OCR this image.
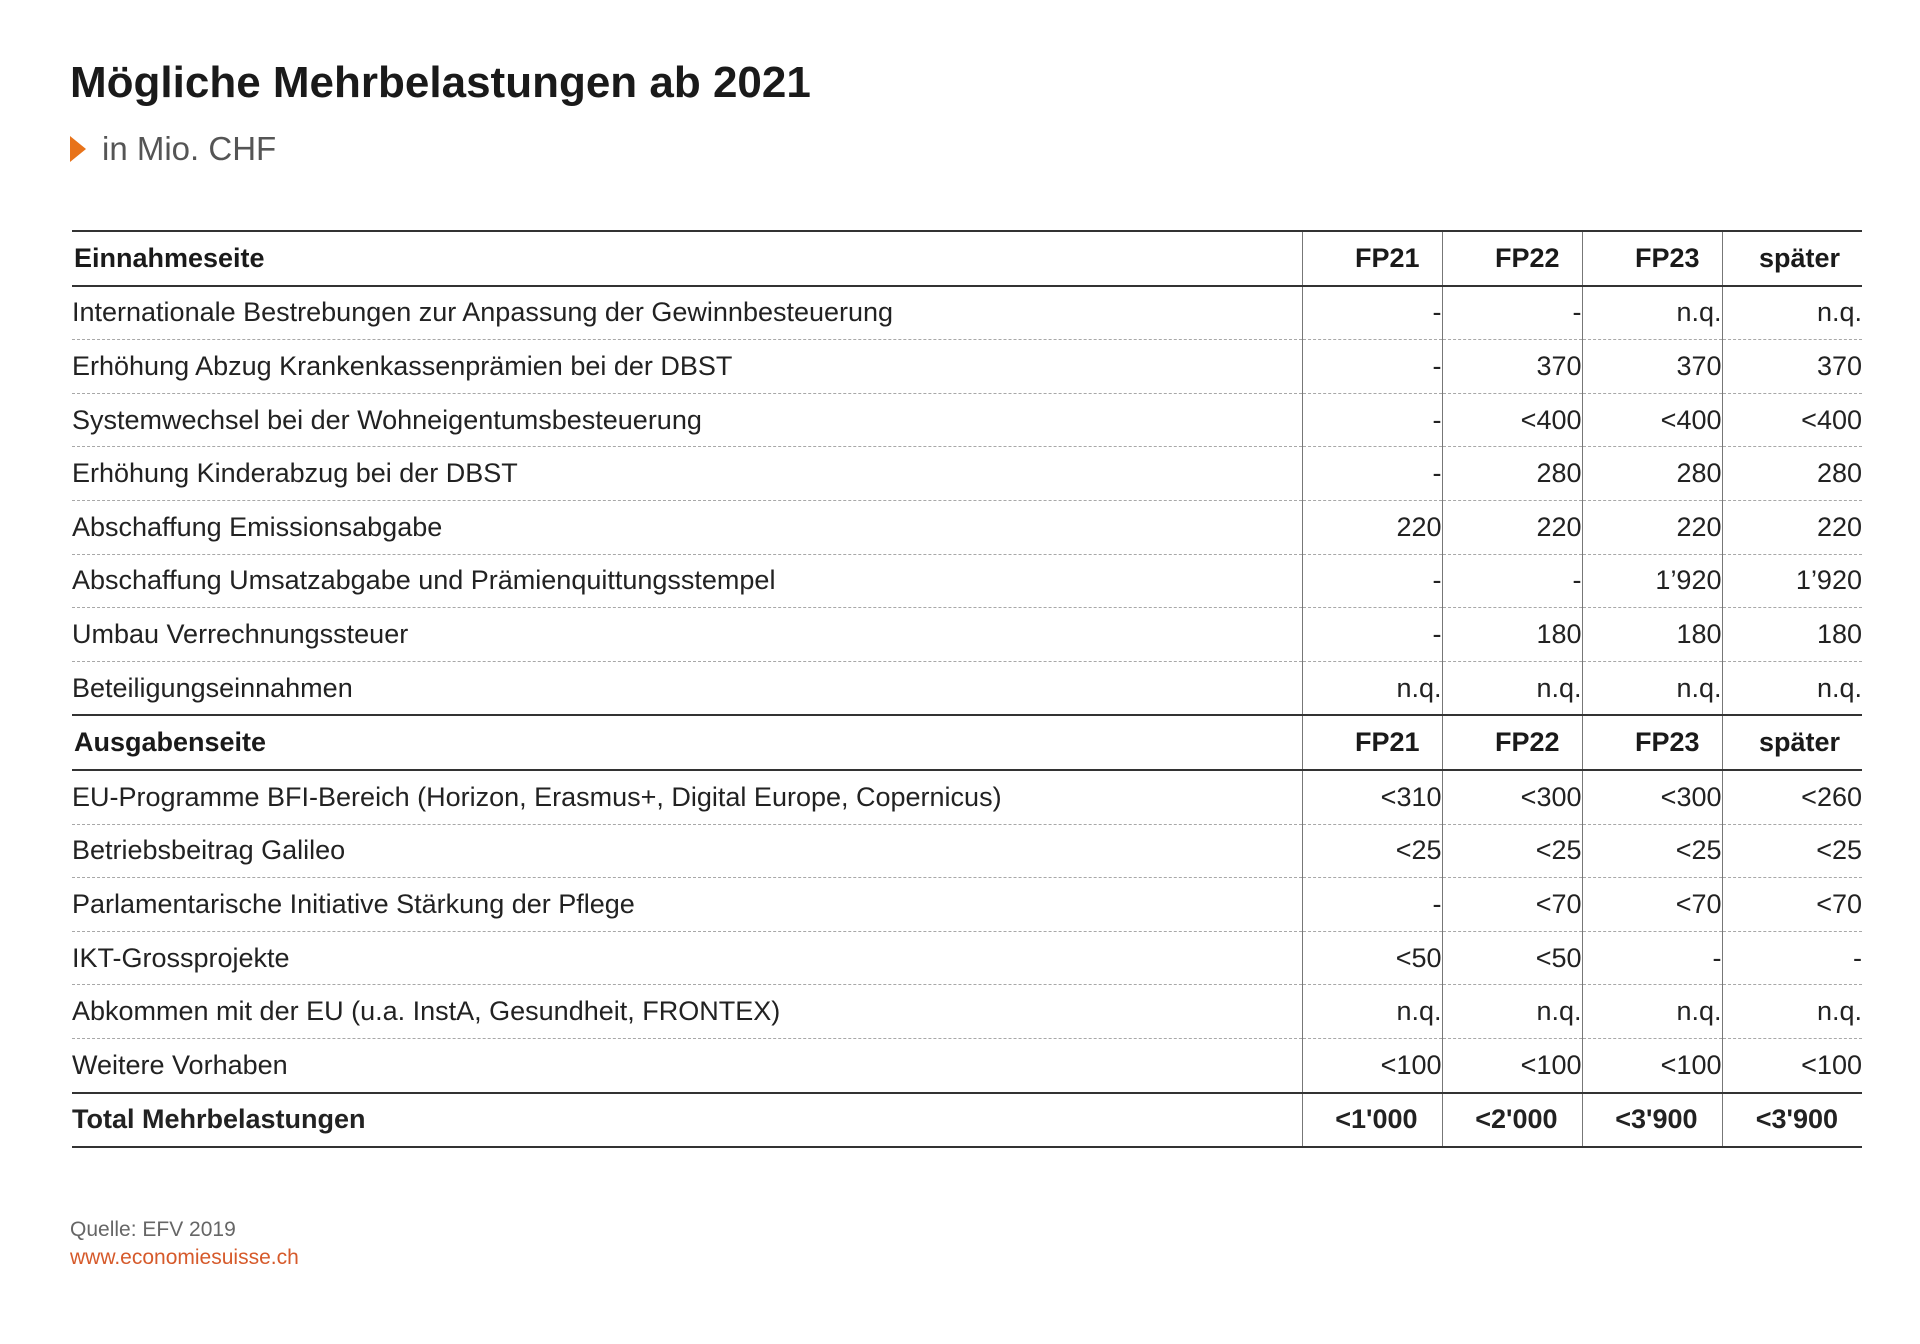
Mögliche Mehrbelastungen ab 2021
in Mio. CHF
Einnahmeseite	FP21	FP22	FP23	später
Internationale Bestrebungen zur Anpassung der Gewinnbesteuerung	-	-	n.q.	n.q.
Erhöhung Abzug Krankenkassenprämien bei der DBST	-	370	370	370
Systemwechsel bei der Wohneigentumsbesteuerung	-	<400	<400	<400
Erhöhung Kinderabzug bei der DBST	-	280	280	280
Abschaffung Emissionsabgabe	220	220	220	220
Abschaffung Umsatzabgabe und Prämienquittungsstempel	-	-	1’920	1’920
Umbau Verrechnungssteuer	-	180	180	180
Beteiligungseinnahmen	n.q.	n.q.	n.q.	n.q.
Ausgabenseite	FP21	FP22	FP23	später
EU-Programme BFI-Bereich (Horizon, Erasmus+, Digital Europe, Copernicus)	<310	<300	<300	<260
Betriebsbeitrag Galileo	<25	<25	<25	<25
Parlamentarische Initiative Stärkung der Pflege	-	<70	<70	<70
IKT-Grossprojekte	<50	<50	-	-
Abkommen mit der EU (u.a. InstA, Gesundheit, FRONTEX)	n.q.	n.q.	n.q.	n.q.
Weitere Vorhaben	<100	<100	<100	<100
Total Mehrbelastungen	<1'000	<2'000	<3'900	<3'900
Quelle: EFV 2019
www.economiesuisse.ch
